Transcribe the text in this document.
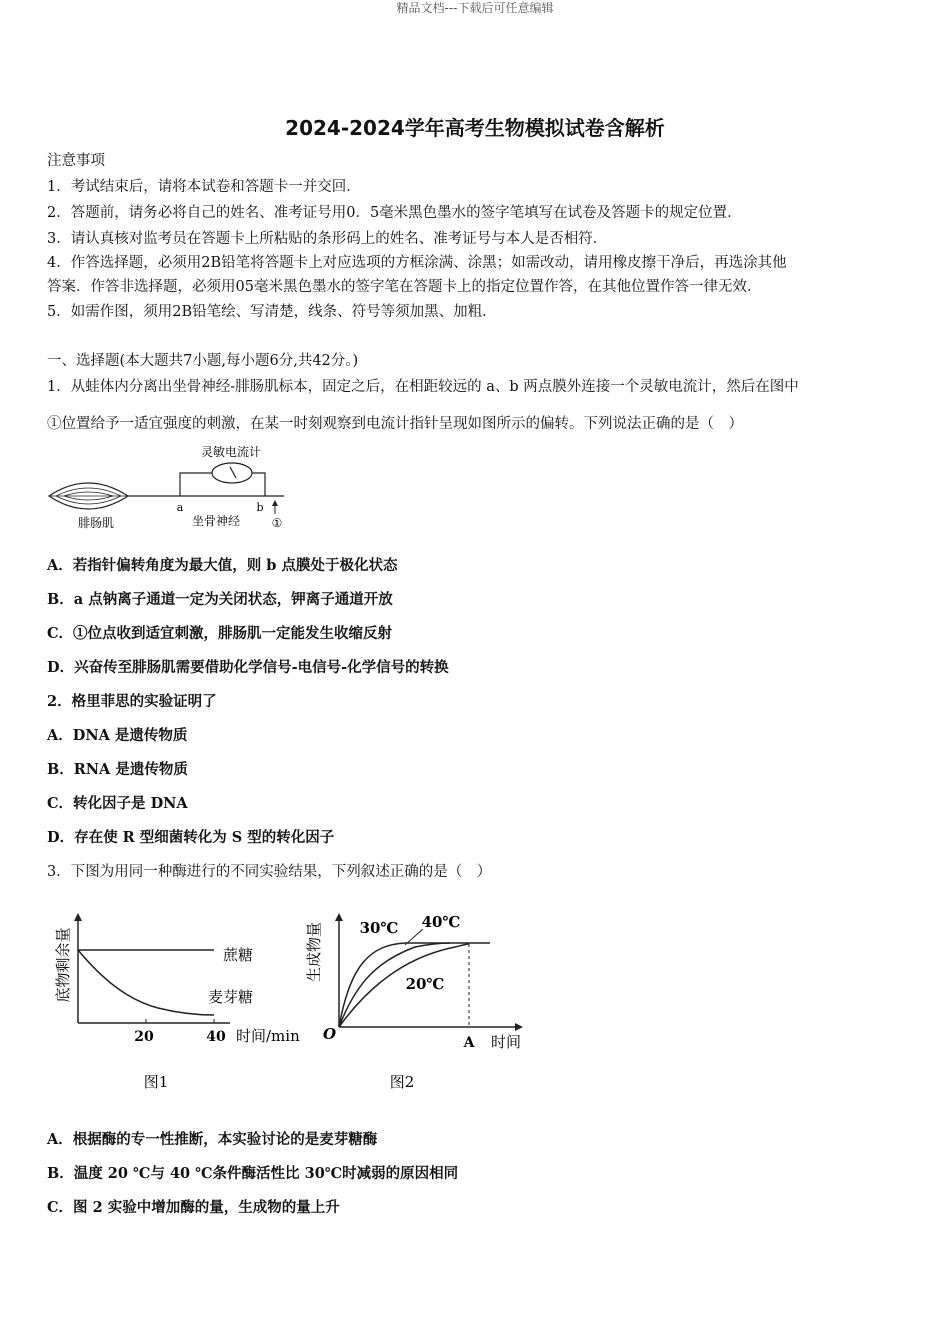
精品文档---下载后可任意编辑
2024-2024学年高考生物模拟试卷含解析
注意事项
1．考试结束后，请将本试卷和答题卡一并交回．
2．答题前，请务必将自己的姓名、准考证号用0．5毫米黑色墨水的签字笔填写在试卷及答题卡的规定位置．
3．请认真核对监考员在答题卡上所粘贴的条形码上的姓名、准考证号与本人是否相符．
4．作答选择题，必须用2B铅笔将答题卡上对应选项的方框涂满、涂黑；如需改动，请用橡皮擦干净后，再选涂其他
答案．作答非选择题，必须用05毫米黑色墨水的签字笔在答题卡上的指定位置作答，在其他位置作答一律无效．
5．如需作图，须用2B铅笔绘、写清楚，线条、符号等须加黑、加粗．
一、选择题(本大题共7小题,每小题6分,共42分。)
1．从蛙体内分离出坐骨神经-腓肠肌标本，固定之后，在相距较远的 a、b 两点膜外连接一个灵敏电流计，然后在图中
①位置给予一适宜强度的刺激，在某一时刻观察到电流计指针呈现如图所示的偏转。下列说法正确的是（　）
灵敏电流计
a	b
①
腓肠肌	坐骨神经
A．若指针偏转角度为最大值，则 b 点膜处于极化状态
B．a 点钠离子通道一定为关闭状态，钾离子通道开放
C．①位点收到适宜刺激，腓肠肌一定能发生收缩反射
D．兴奋传至腓肠肌需要借助化学信号-电信号-化学信号的转换
2．格里菲思的实验证明了
A．DNA 是遗传物质
B．RNA 是遗传物质
C．转化因子是 DNA
D．存在使 R 型细菌转化为 S 型的转化因子
3．下图为用同一种酶进行的不同实验结果，下列叙述正确的是（　）
底物剩余量	蔗糖
麦芽糖
20	40 时间/min
图1
生成物量 30℃ 40℃
20℃
O	A 时间
图2
A．根据酶的专一性推断，本实验讨论的是麦芽糖酶
B．温度 20 ℃与 40 ℃条件酶活性比 30℃时减弱的原因相同
C．图 2 实验中增加酶的量，生成物的量上升
